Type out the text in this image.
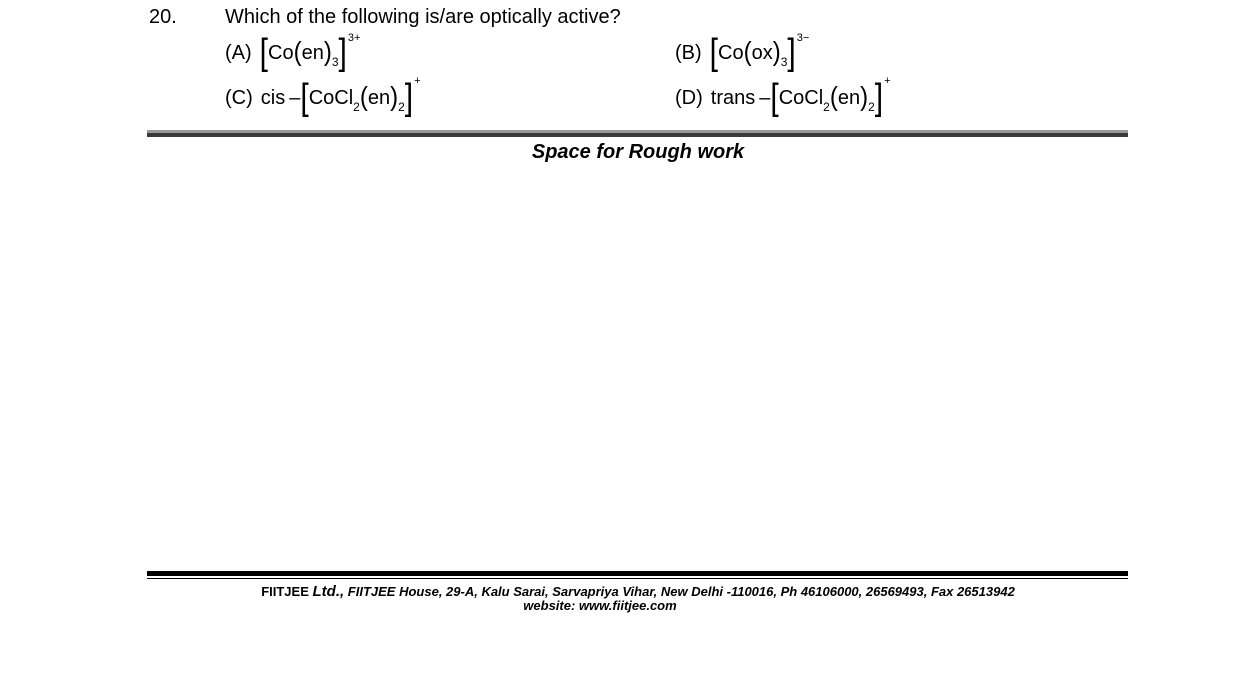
20. Which of the following is/are optically active?
(A) [ Co ( en ) 3 ] 3+
(B) [ Co ( ox ) 3 ] 3−
(C) cis – [ CoCl 2 ( en ) 2 ] +
(D) trans – [ CoCl 2 ( en ) 2 ] +
Space for Rough work
FIITJEE Ltd., FIITJEE House, 29-A, Kalu Sarai, Sarvapriya Vihar, New Delhi -110016, Ph 46106000, 26569493, Fax 26513942
website: www.fiitjee.com
